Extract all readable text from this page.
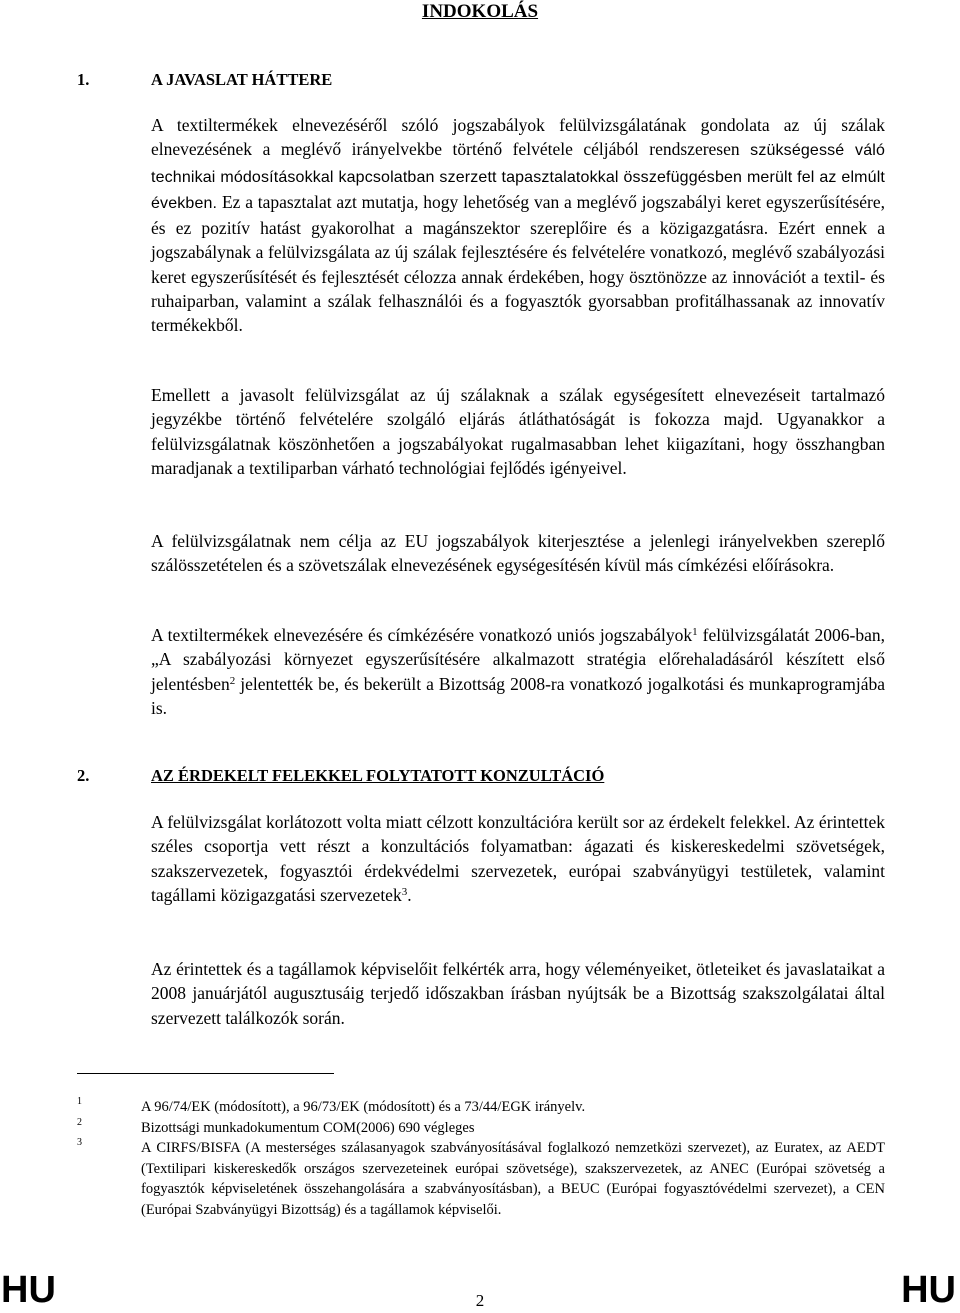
INDOKOLÁS
1.	A JAVASLAT HÁTTERE

A textiltermékek elnevezéséről szóló jogszabályok felülvizsgálatának gondolata az új szálak elnevezésének a meglévő irányelvekbe történő felvétele céljából rendszeresen szükségessé váló technikai módosításokkal kapcsolatban szerzett tapasztalatokkal összefüggésben merült fel az elmúlt években. Ez a tapasztalat azt mutatja, hogy lehetőség van a meglévő jogszabályi keret egyszerűsítésére, és ez pozitív hatást gyakorolhat a magánszektor szereplőire és a közigazgatásra. Ezért ennek a jogszabálynak a felülvizsgálata az új szálak fejlesztésére és felvételére vonatkozó, meglévő szabályozási keret egyszerűsítését és fejlesztését célozza annak érdekében, hogy ösztönözze az innovációt a textil- és ruhaiparban, valamint a szálak felhasználói és a fogyasztók gyorsabban profitálhassanak az innovatív termékekből.

Emellett a javasolt felülvizsgálat az új szálaknak a szálak egységesített elnevezéseit tartalmazó jegyzékbe történő felvételére szolgáló eljárás átláthatóságát is fokozza majd. Ugyanakkor a felülvizsgálatnak köszönhetően a jogszabályokat rugalmasabban lehet kiigazítani, hogy összhangban maradjanak a textiliparban várható technológiai fejlődés igényeivel.

A felülvizsgálatnak nem célja az EU jogszabályok kiterjesztése a jelenlegi irányelvekben szereplő szálösszetételen és a szövetszálak elnevezésének egységesítésén kívül más címkézési előírásokra.

A textiltermékek elnevezésére és címkézésére vonatkozó uniós jogszabályok$^1$ felülvizsgálatát 2006-ban, „A szabályozási környezet egyszerűsítésére alkalmazott stratégia előrehaladásáról készített első jelentésben$^2$ jelentették be, és bekerült a Bizottság 2008-ra vonatkozó jogalkotási és munkaprogramjába is.

2.	AZ ÉRDEKELT FELEKKEL FOLYTATOTT KONZULTÁCIÓ

A felülvizsgálat korlátozott volta miatt célzott konzultációra került sor az érdekelt felekkel. Az érintettek széles csoportja vett részt a konzultációs folyamatban: ágazati és kiskereskedelmi szövetségek, szakszervezetek, fogyasztói érdekvédelmi szervezetek, európai szabványügyi testületek, valamint tagállami közigazgatási szervezetek$^3$.

Az érintettek és a tagállamok képviselőit felkérték arra, hogy véleményeiket, ötleteiket és javaslataikat a 2008 januárjától augusztusáig terjedő időszakban írásban nyújtsák be a Bizottság szakszolgálatai által szervezett találkozók során.

1	A 96/74/EK (módosított), a 96/73/EK (módosított) és a 73/44/EGK irányelv.
2	Bizottsági munkadokumentum COM(2006) 690 végleges
3	A CIRFS/BISFA (A mesterséges szálasanyagok szabványosításával foglalkozó nemzetközi szervezet), az Euratex, az AEDT (Textilipari kiskereskedők országos szervezeteinek európai szövetsége), szakszervezetek, az ANEC (Európai szövetség a fogyasztók képviseletének összehangolására a szabványosításban), a BEUC (Európai fogyasztóvédelmi szervezet), a CEN (Európai Szabványügyi Bizottság) és a tagállamok képviselői.
HU	2	HU
